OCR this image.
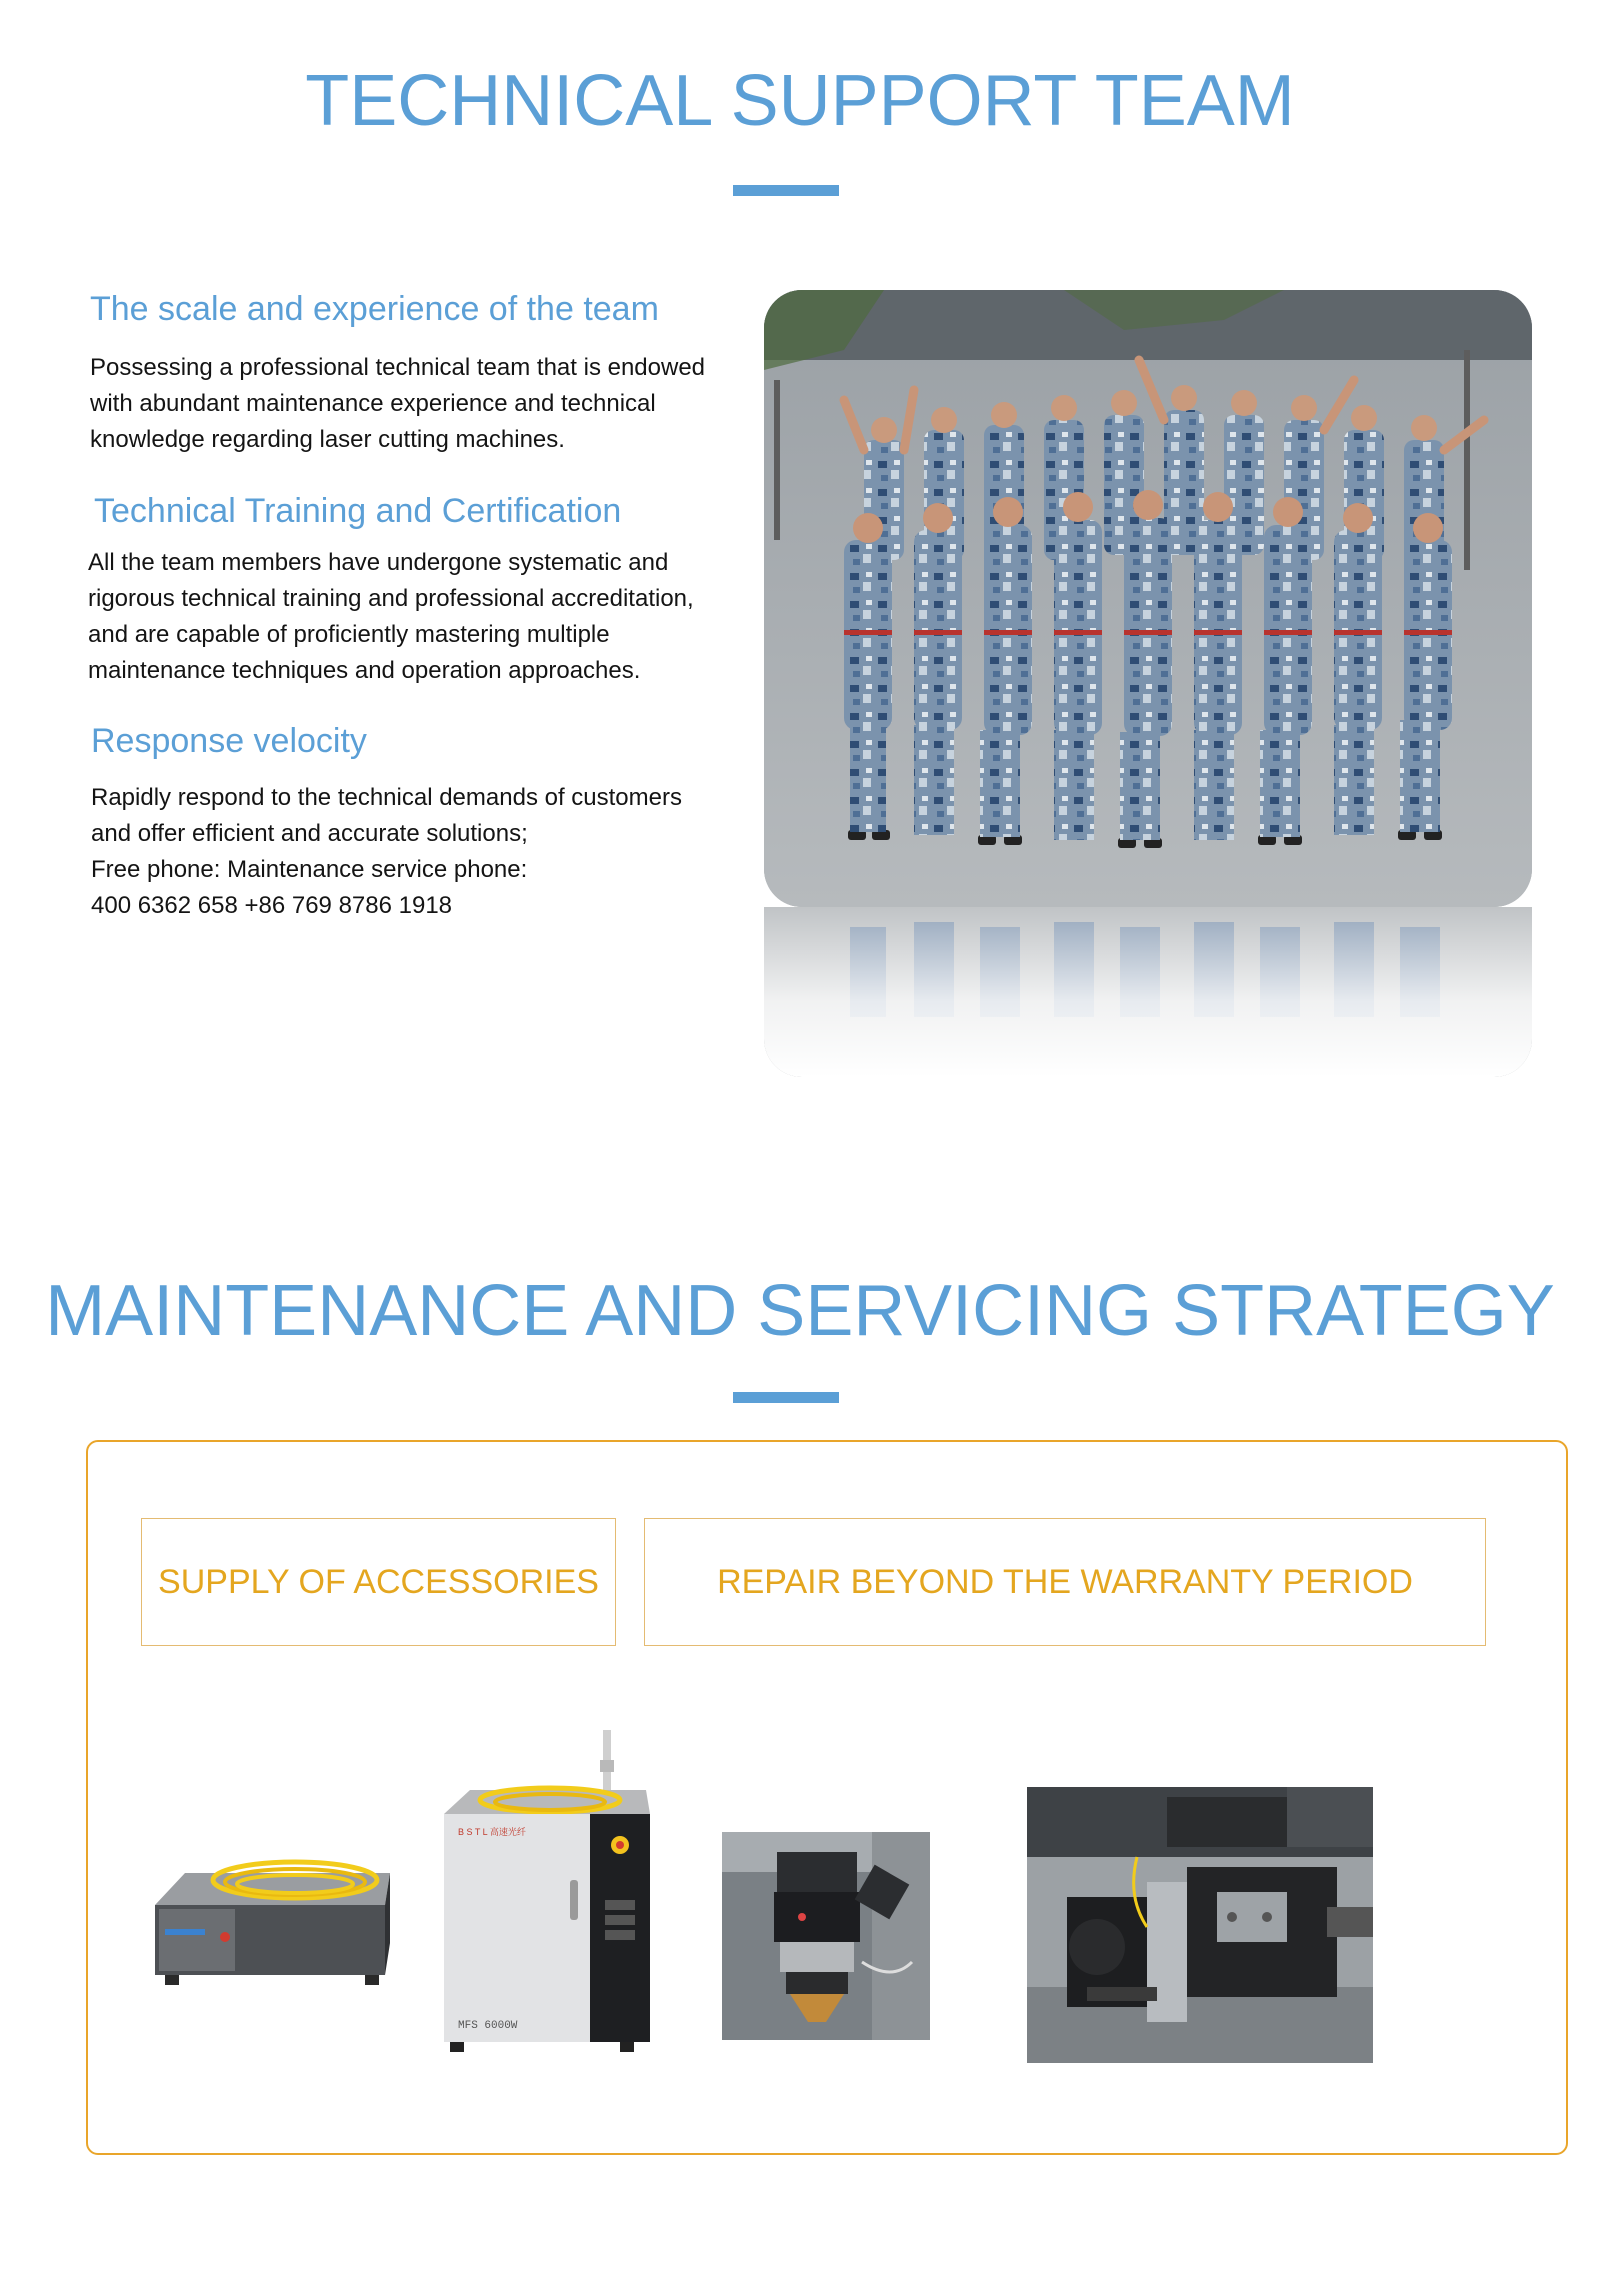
TECHNICAL SUPPORT TEAM
The scale and experience of the team

Possessing a professional technical team that is endowed

with abundant maintenance experience and technical

knowledge regarding laser cutting machines.

Technical Training and Certification

All the team members have undergone systematic and

rigorous technical training and professional accreditation,

and are capable of proficiently mastering multiple

maintenance techniques and operation approaches.

Response velocity

Rapidly respond to the technical demands of customers

and offer efficient and accurate solutions;

Free phone: Maintenance service phone:

400 6362 658 +86 769 8786 1918

MAINTENANCE AND SERVICING STRATEGY
SUPPLY OF ACCESSORIES	REPAIR BEYOND THE WARRANTY PERIOD
B S T L 高速光纤
MFS 6000W
